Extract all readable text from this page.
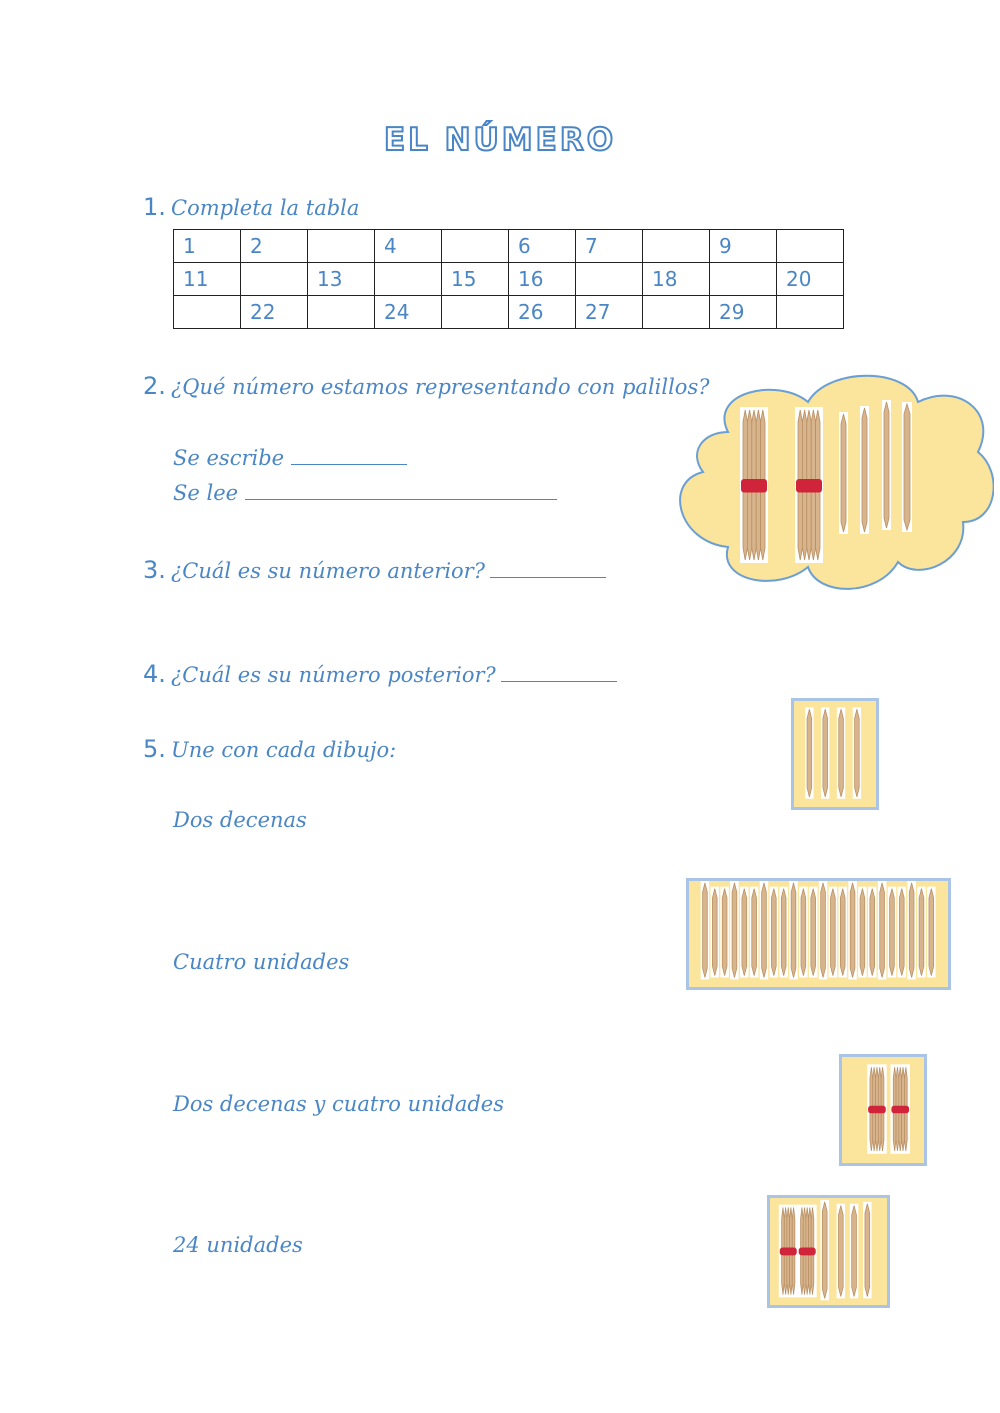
EL NÚMERO
1. Completa la tabla
1	2		4		6	7		9	
11		13		15	16		18		20
	22		24		26	27		29	
2. ¿Qué número estamos representando con palillos?
Se escribe
Se lee
3. ¿Cuál es su número anterior?
4. ¿Cuál es su número posterior?
5. Une con cada dibujo:
Dos decenas
Cuatro unidades
Dos decenas y cuatro unidades
24 unidades
